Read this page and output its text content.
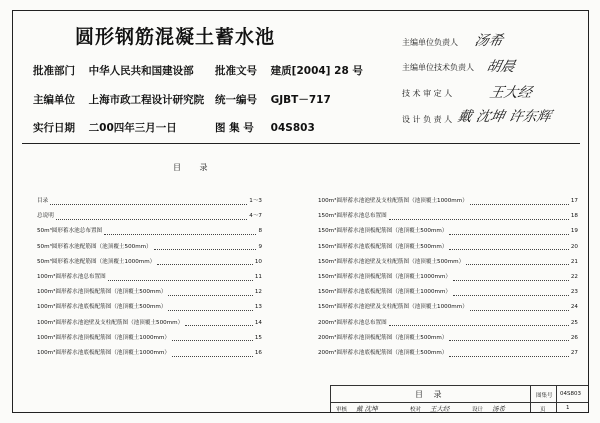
圆形钢筋混凝土蓄水池
批准部门 中华人民共和国建设部 批准文号 建质[2004] 28 号
主编单位 上海市政工程设计研究院 统一编号 GJBT－717
实行日期 二00四年三月一日	图 集 号 04S803
主编单位负责人 汤希
主编单位技术负责人 胡晨
技 术 审 定 人	王大经
设 计 负 责 人 戴 沈坤 许东辉
目 录
目录	1～3
总说明	4～7
50m³圆形蓄水池总布置图	8
50m³圆形蓄水池配筋图（池顶覆土500mm）	9
50m³圆形蓄水池配筋图（池顶覆土1000mm）	10
100m³圆形蓄水池总布置图	11
100m³圆形蓄水池顶板配筋图（池顶覆土500mm）	12
100m³圆形蓄水池底板配筋图（池顶覆土500mm）	13
100m³圆形蓄水池池壁及支柱配筋图（池顶覆土500mm）	14
100m³圆形蓄水池顶板配筋图（池顶覆土1000mm）	15
100m³圆形蓄水池底板配筋图（池顶覆土1000mm）	16
100m³圆形蓄水池池壁及支柱配筋图（池顶覆土1000mm）	17
150m³圆形蓄水池总布置图	18
150m³圆形蓄水池顶板配筋图（池顶覆土500mm）	19
150m³圆形蓄水池底板配筋图（池顶覆土500mm）	20
150m³圆形蓄水池池壁及支柱配筋图（池顶覆土500mm）	21
150m³圆形蓄水池顶板配筋图（池顶覆土1000mm）	22
150m³圆形蓄水池底板配筋图（池顶覆土1000mm）	23
150m³圆形蓄水池池壁及支柱配筋图（池顶覆土1000mm）	24
200m³圆形蓄水池总布置图	25
200m³圆形蓄水池顶板配筋图（池顶覆土500mm）	26
200m³圆形蓄水池底板配筋图（池顶覆土500mm）	27
目 录	图集号 04S803
审核 戴 沈坤	校对 王大经	设计 汤希	页	1
